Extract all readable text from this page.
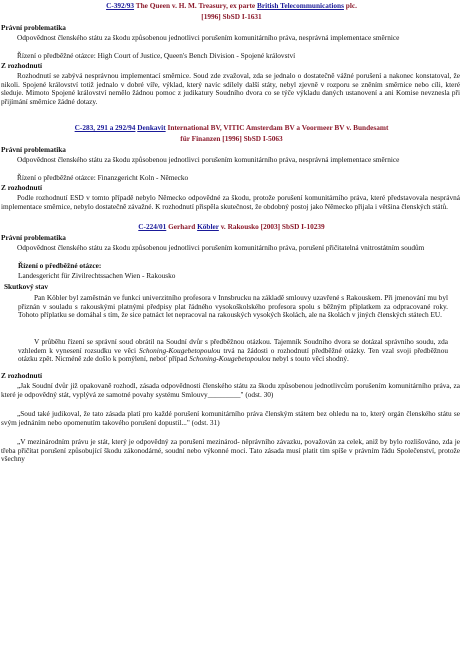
C-392/93 The Queen v. H. M. Treasury, ex parte British Telecommunications plc.
[1996] SbSD I-1631
Právní problematika
Odpovědnost členského státu za škodu způsobenou jednotlivci porušením komunitárního práva, nesprávná implementace směrnice
Řízení o předběžné otázce: High Court of Justice, Queen's Bench Division - Spojené království
Z rozhodnutí
Rozhodnutí se zabývá nesprávnou implementací směrnice. Soud zde zvažoval, zda se jednalo o dostatečně vážné porušení a nakonec konstatoval, že nikoli. Spojené království totiž jednalo v dobré víře, výklad, který navíc sdílely další státy, nebyl zjevně v rozporu se zněním směrnice nebo cíli, které sleduje. Mimoto Spojené království nemělo žádnou pomoc z judikatury Soudního dvora co se týče výkladu daných ustanovení a ani Komise nevznesla při přijímání směrnice žádné dotazy.
C-283, 291 a 292/94 Denkavit International BV, VITIC Amsterdam BV a Voormeer BV v. Bundesamt
für Finanzen [1996] SbSD I-5063
Právní problematika
Odpovědnost členského státu za škodu způsobenou jednotlivci porušením komunitárního práva, nesprávná implementace směrnice
Řízení o předběžné otázce: Finanzgericht Koln - Německo
Z rozhodnutí
Podle rozhodnutí ESD v tomto případě nebylo Německo odpovědné za škodu, protože porušení komunitárního práva, které představovala nesprávná implementace směrnice, nebylo dostatečně závažné. K rozhodnutí přispěla skutečnost, že obdobný postoj jako Německo přijala i většina členských států.
C-224/01 Gerhard Köbler v. Rakousko [2003] SbSD I-10239
Právní problematika
Odpovědnost členského státu za škodu způsobenou jednotlivci porušením komunitárního práva, porušení přičitatelná vnitrostátním soudům
Řízení o předběžné otázce:
Landesgericht für Zivilrechtssachen Wien - Rakousko
Skutkový stav
Pan Köbler byl zaměstnán ve funkci univerzitního profesora v Innsbrucku na základě smlouvy uzavřené s Rakouskem. Při jmenování mu byl přiznán v souladu s rakouskými platnými předpisy plat řádného vysokoškolského profesora spolu s běžným příplatkem za odpracované roky. Tohoto příplatku se domáhal s tím, že sice patnáct let nepracoval na rakouských vysokých školách, ale na školách v jiných členských státech EU.
V průběhu řízení se správní soud obrátil na Soudní dvůr s předběžnou otázkou. Tajemník Soudního dvora se dotázal správního soudu, zda vzhledem k vynesení rozsudku ve věci Schoning-Kougebetopoulou trvá na žádosti o rozhodnutí předběžné otázky. Ten vzal svoji předběžnou otázku zpět. Nicméně zde došlo k pomýlení, neboť případ Schoning-Kougebetopoulou nebyl s touto věcí shodný.
Z rozhodnutí
„Jak Soudní dvůr již opakovaně rozhodl, zásada odpovědnosti členského státu za škodu způsobenou jednotlivcům porušením komunitárního práva, za které je odpovědný stát, vyplývá ze samotné povahy systému Smlouvy_________" (odst. 30)
„Soud také judikoval, že tato zásada platí pro každé porušení komunitárního práva členským státem bez ohledu na to, který orgán členského státu se svým jednáním nebo opomenutím takového porušení dopustil..." (odst. 31)
„V mezinárodním právu je stát, který je odpovědný za porušení mezinárod- něprávního závazku, považován za celek, aniž by bylo rozlišováno, zda je třeba přičítat porušení způsobující škodu zákonodárné, soudní nebo výkonné moci. Tato zásada musí platit tím spíše v právním řádu Společenství, protože všechny
